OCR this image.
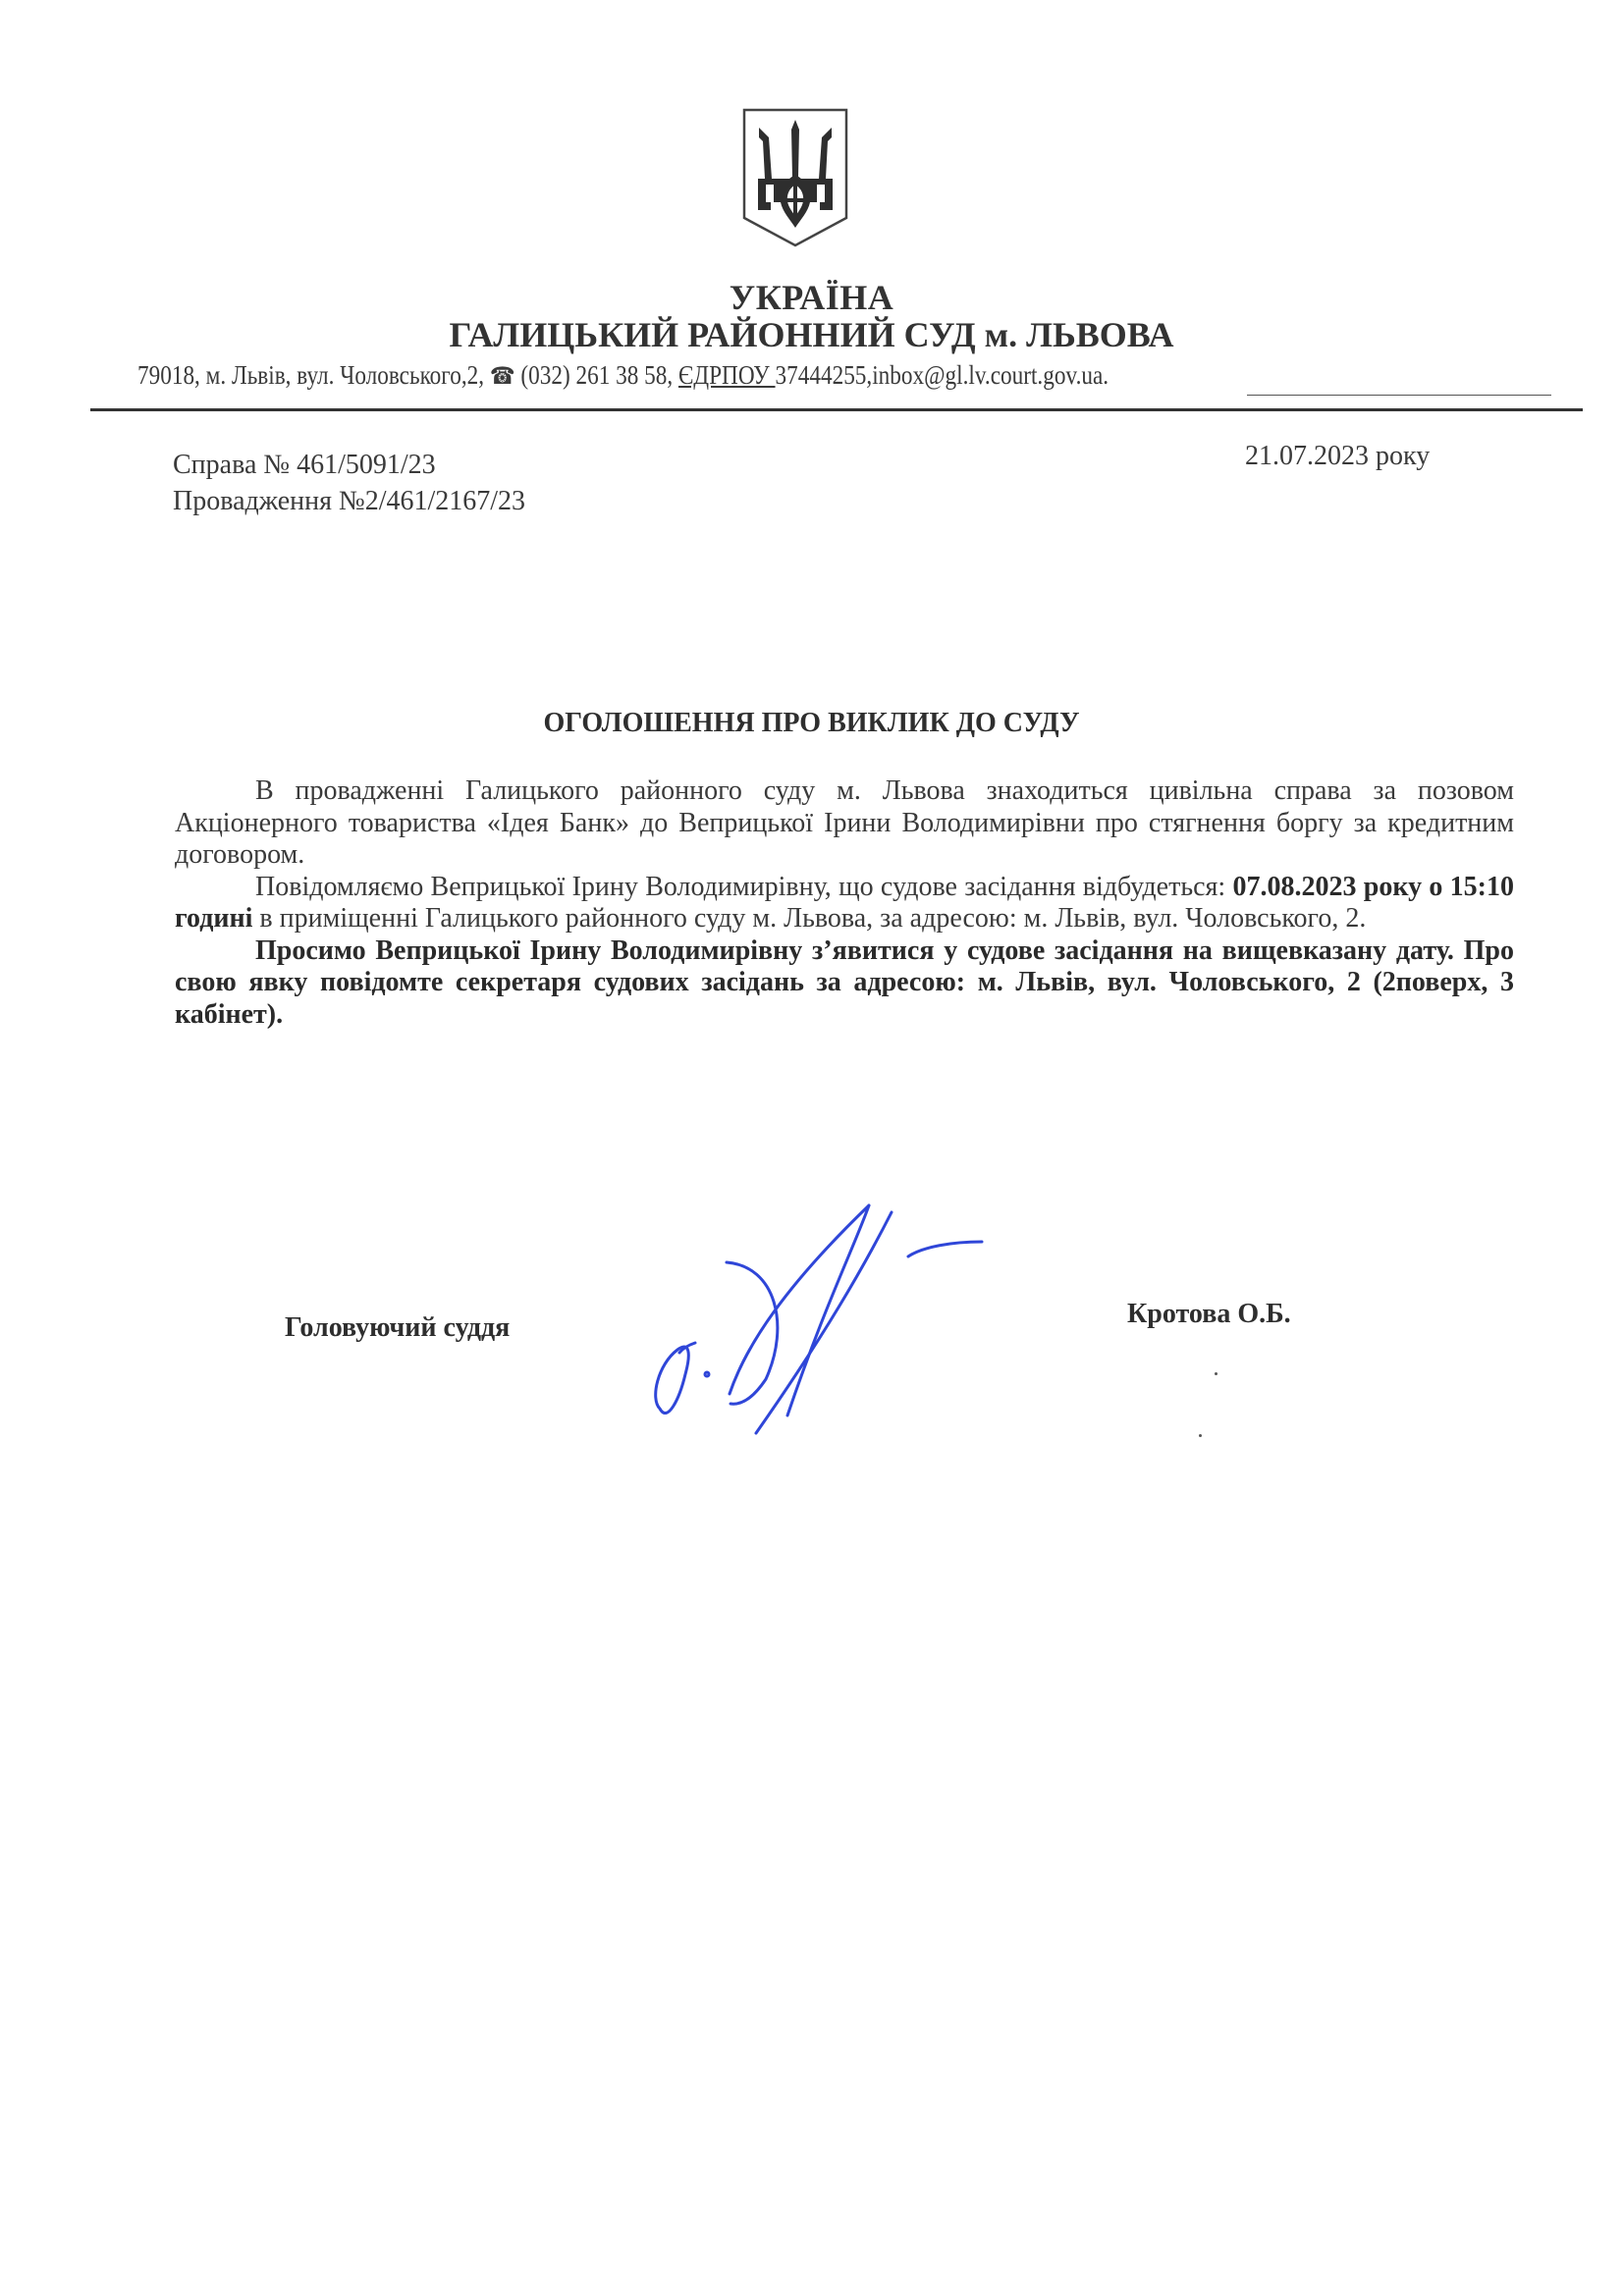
УКРАЇНА
ГАЛИЦЬКИЙ РАЙОННИЙ СУД м. ЛЬВОВА
79018, м. Львів, вул. Чоловського,2, ☎ (032) 261 38 58, ЄДРПОУ 37444255,inbox@gl.lv.court.gov.ua.
Справа № 461/5091/23
Провадження №2/461/2167/23
21.07.2023 року
ОГОЛОШЕННЯ ПРО ВИКЛИК ДО СУДУ

В провадженні Галицького районного суду м. Львова знаходиться цивільна справа за позовом Акціонерного товариства «Ідея Банк» до Веприцької Ірини Володимирівни про стягнення боргу за кредитним договором.

Повідомляємо Веприцької Ірину Володимирівну, що судове засідання відбудеться: 07.08.2023 року о 15:10 годині в приміщенні Галицького районного суду м. Львова, за адресою: м. Львів, вул. Чоловського, 2.

Просимо Веприцької Ірину Володимирівну з’явитися у судове засідання на вищевказану дату. Про свою явку повідомте секретаря судових засідань за адресою: м. Львів, вул. Чоловського, 2 (2поверх, 3 кабінет).

Головуючий суддя	Кротова О.Б.
